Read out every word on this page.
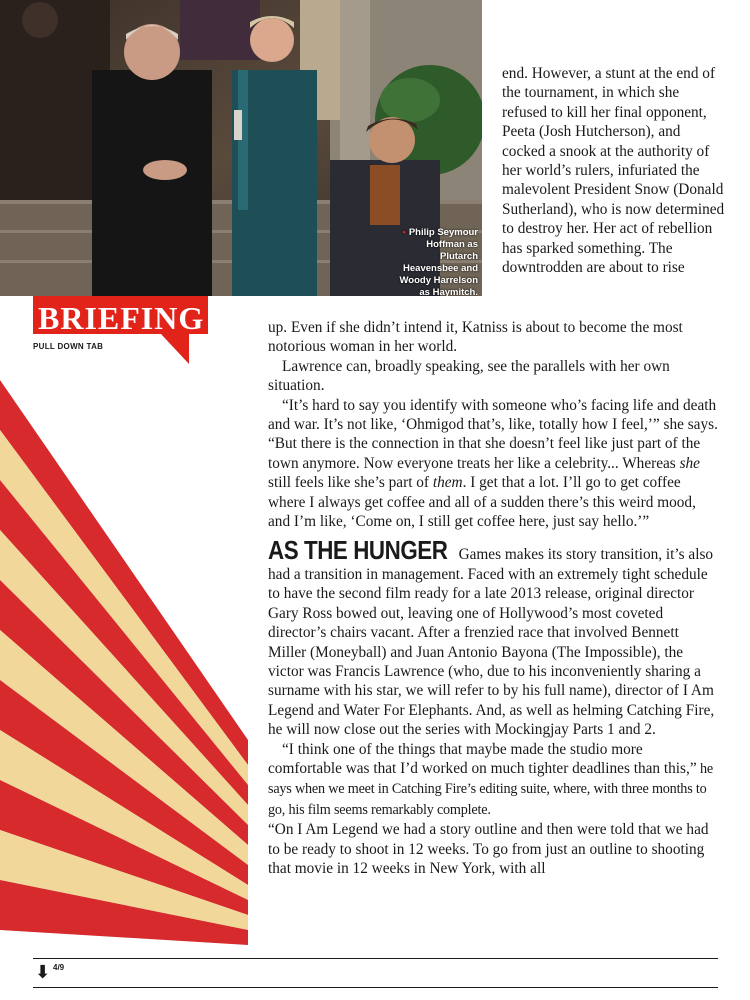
• Philip Seymour Hoffman as Plutarch Heavensbee and Woody Harrelson as Haymitch.
BRIEFING
PULL DOWN TAB

end. However, a stunt at the end of the tournament, in which she refused to kill her final opponent, Peeta (Josh Hutcherson), and cocked a snook at the authority of her world’s rulers, infuriated the malevolent President Snow (Donald Sutherland), who is now determined to destroy her. Her act of rebellion has sparked something. The downtrodden are about to rise

up. Even if she didn’t intend it, Katniss is about to become the most notorious woman in her world.

Lawrence can, broadly speaking, see the parallels with her own situation.

“It’s hard to say you identify with someone who’s facing life and death and war. It’s not like, ‘Ohmigod that’s, like, totally how I feel,’” she says. “But there is the connection in that she doesn’t feel like just part of the town anymore. Now everyone treats her like a celebrity... Whereas she still feels like she’s part of them. I get that a lot. I’ll go to get coffee where I always get coffee and all of a sudden there’s this weird mood, and I’m like, ‘Come on, I still get coffee here, just say hello.’”

AS THE HUNGER Games makes its story transition, it’s also had a transition in management. Faced with an extremely tight schedule to have the second film ready for a late 2013 release, original director Gary Ross bowed out, leaving one of Hollywood’s most coveted director’s chairs vacant. After a frenzied race that involved Bennett Miller (Moneyball) and Juan Antonio Bayona (The Impossible), the victor was Francis Lawrence (who, due to his inconveniently sharing a surname with his star, we will refer to by his full name), director of I Am Legend and Water For Elephants. And, as well as helming Catching Fire, he will now close out the series with Mockingjay Parts 1 and 2.

“I think one of the things that maybe made the studio more comfortable was that I’d worked on much tighter deadlines than this,” he says when we meet in Catching Fire’s editing suite, where, with three months to go, his film seems remarkably complete.

“On I Am Legend we had a story outline and then were told that we had to be ready to shoot in 12 weeks. To go from just an outline to shooting that movie in 12 weeks in New York, with all

⬇ 4/9
